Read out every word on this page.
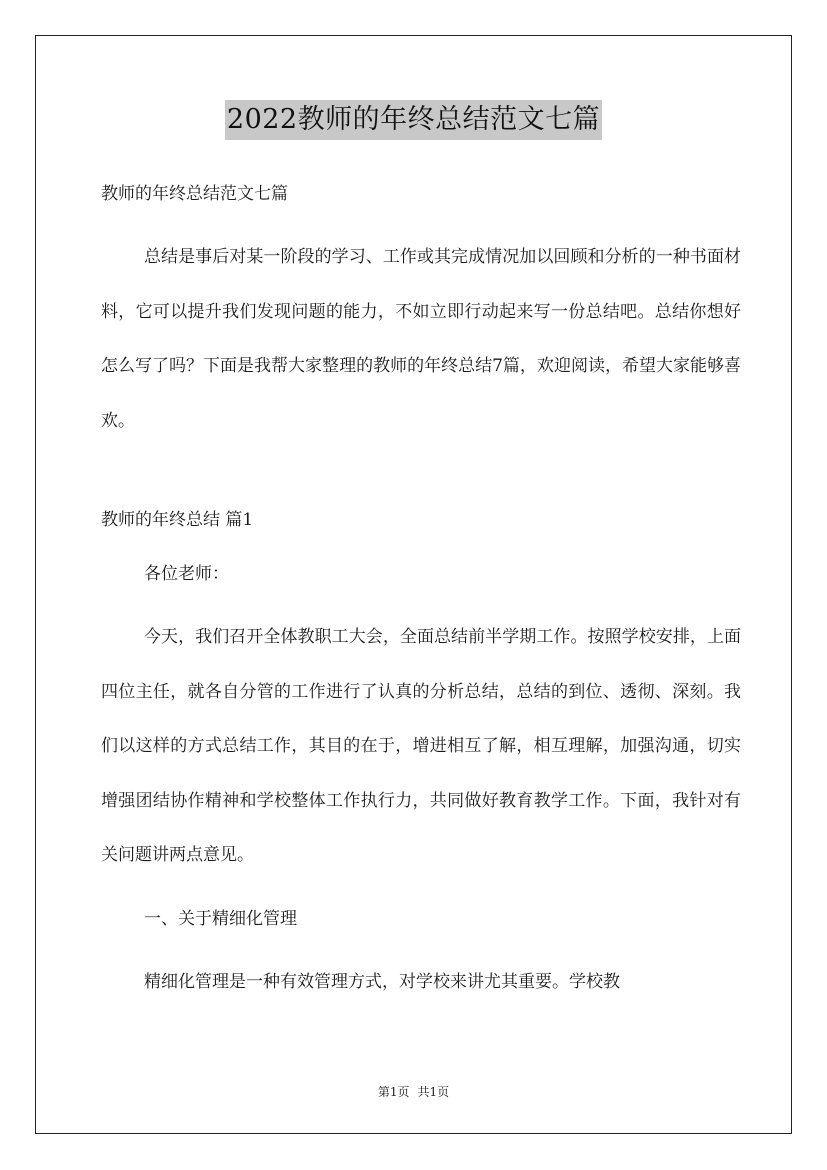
2022教师的年终总结范文七篇
教师的年终总结范文七篇
总结是事后对某一阶段的学习、工作或其完成情况加以回顾和分析的一种书面材料，它可以提升我们发现问题的能力，不如立即行动起来写一份总结吧。总结你想好怎么写了吗？下面是我帮大家整理的教师的年终总结7篇，欢迎阅读，希望大家能够喜欢。
教师的年终总结 篇1
各位老师：
今天，我们召开全体教职工大会，全面总结前半学期工作。按照学校安排，上面四位主任，就各自分管的工作进行了认真的分析总结，总结的到位、透彻、深刻。我们以这样的方式总结工作，其目的在于，增进相互了解，相互理解，加强沟通，切实增强团结协作精神和学校整体工作执行力，共同做好教育教学工作。下面，我针对有关问题讲两点意见。
一、关于精细化管理
精细化管理是一种有效管理方式，对学校来讲尤其重要。学校教
第1页 共1页
